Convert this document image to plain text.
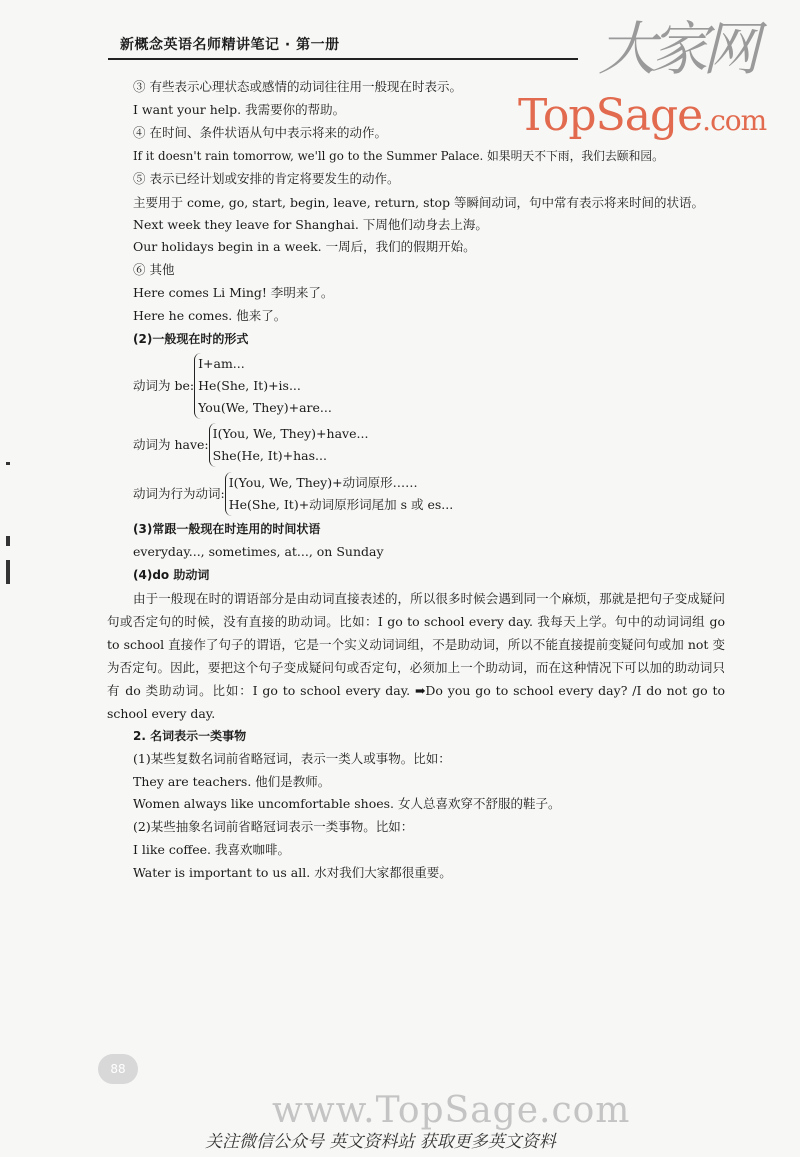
新概念英语名师精讲笔记 · 第一册	大家网
TopSage.com

③ 有些表示心理状态或感情的动词往往用一般现在时表示。

I want your help. 我需要你的帮助。

④ 在时间、条件状语从句中表示将来的动作。

If it doesn't rain tomorrow, we'll go to the Summer Palace. 如果明天不下雨，我们去颐和园。

⑤ 表示已经计划或安排的肯定将要发生的动作。

主要用于 come, go, start, begin, leave, return, stop 等瞬间动词，句中常有表示将来时间的状语。

Next week they leave for Shanghai. 下周他们动身去上海。

Our holidays begin in a week. 一周后，我们的假期开始。

⑥ 其他

Here comes Li Ming! 李明来了。

Here he comes. 他来了。

(2)一般现在时的形式

动词为 be:
I+am...
He(She, It)+is...
You(We, They)+are...
动词为 have:
I(You, We, They)+have...
She(He, It)+has...
动词为行为动词:
I(You, We, They)+动词原形……
He(She, It)+动词原形词尾加 s 或 es...

(3)常跟一般现在时连用的时间状语

everyday..., sometimes, at..., on Sunday

(4)do 助动词

由于一般现在时的谓语部分是由动词直接表述的，所以很多时候会遇到同一个麻烦，那就是把句子变成疑问句或否定句的时候，没有直接的助动词。比如：I go to school every day. 我每天上学。句中的动词词组 go to school 直接作了句子的谓语，它是一个实义动词词组，不是助动词，所以不能直接提前变疑问句或加 not 变为否定句。因此，要把这个句子变成疑问句或否定句，必须加上一个助动词，而在这种情况下可以加的助动词只有 do 类助动词。比如：I go to school every day. ➡Do you go to school every day? /I do not go to school every day.

2. 名词表示一类事物

(1)某些复数名词前省略冠词，表示一类人或事物。比如：

They are teachers. 他们是教师。

Women always like uncomfortable shoes. 女人总喜欢穿不舒服的鞋子。

(2)某些抽象名词前省略冠词表示一类事物。比如：

I like coffee. 我喜欢咖啡。

Water is important to us all. 水对我们大家都很重要。

88
www.TopSage.com
关注微信公众号 英文资料站 获取更多英文资料
